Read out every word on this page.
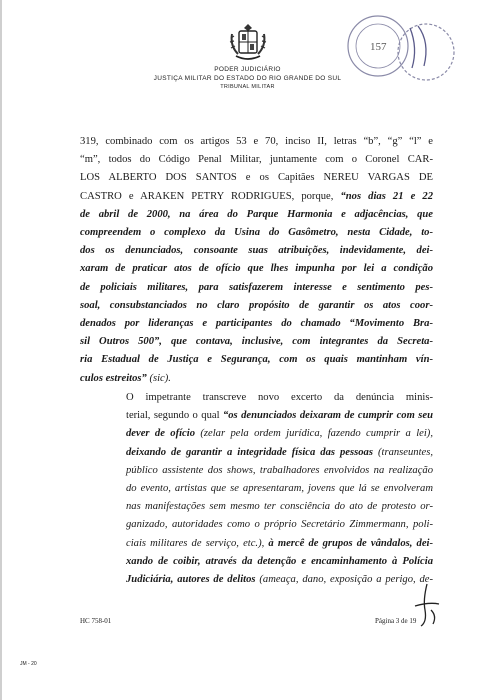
PODER JUDICIÁRIO
JUSTIÇA MILITAR DO ESTADO DO RIO GRANDE DO SUL
TRIBUNAL MILITAR
157
319, combinado com os artigos 53 e 70, inciso II, letras “b”, “g” “l” e
“m”, todos do Código Penal Militar, juntamente com o Coronel CAR-
LOS ALBERTO DOS SANTOS e os Capitães NEREU VARGAS DE
CASTRO e ARAKEN PETRY RODRIGUES, porque, “nos dias 21 e 22
de abril de 2000, na área do Parque Harmonia e adjacências, que
compreendem o complexo da Usina do Gasômetro, nesta Cidade, to-
dos os denunciados, consoante suas atribuições, indevidamente, dei-
xaram de praticar atos de ofício que lhes impunha por lei a condição
de policiais militares, para satisfazerem interesse e sentimento pes-
soal, consubstanciados no claro propósito de garantir os atos coor-
denados por lideranças e participantes do chamado “Movimento Bra-
sil Outros 500”, que contava, inclusive, com integrantes da Secreta-
ria Estadual de Justiça e Segurança, com os quais mantinham vín-
culos estreitos” (sic).
O impetrante transcreve novo excerto da denúncia minis-
terial, segundo o qual “os denunciados deixaram de cumprir com seu
dever de ofício (zelar pela ordem jurídica, fazendo cumprir a lei),
deixando de garantir a integridade física das pessoas (transeuntes,
público assistente dos shows, trabalhadores envolvidos na realização
do evento, artistas que se apresentaram, jovens que lá se envolveram
nas manifestações sem mesmo ter consciência do ato de protesto or-
ganizado, autoridades como o próprio Secretário Zimmermann, poli-
ciais militares de serviço, etc.), à mercê de grupos de vândalos, dei-
xando de coibir, através da detenção e encaminhamento à Polícia
Judiciária, autores de delitos (ameaça, dano, exposição a perigo, de-
HC 758-01	Página 3 de 19
JM - 20
